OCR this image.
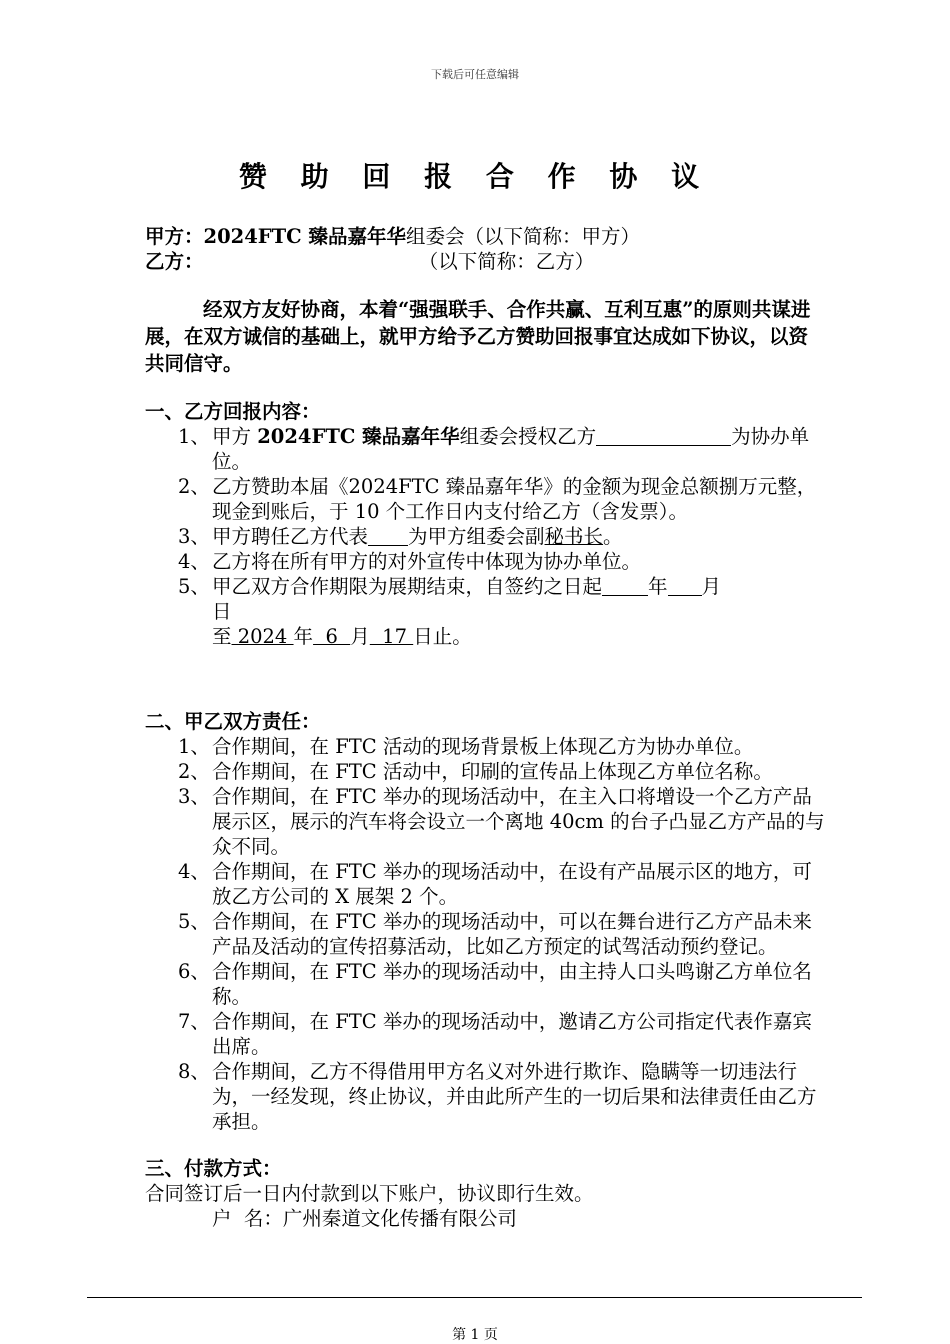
下载后可任意编辑
赞 助 回 报 合 作 协 议

甲方：2024FTC 臻品嘉年华组委会（以下简称：甲方）

乙方：	（以下简称：乙方）

经双方友好协商，本着“强强联手、合作共赢、互利互惠”的原则共谋进展，在双方诚信的基础上，就甲方给予乙方赞助回报事宜达成如下协议，以资共同信守。

一、乙方回报内容：
1、 甲方 2024FTC 臻品嘉年华组委会授权乙方	为协办单位。
2、 乙方赞助本届《2024FTC 臻品嘉年华》的金额为现金总额捌万元整，现金到账后，于 10 个工作日内支付给乙方（含发票）。
3、 甲方聘任乙方代表 为甲方组委会副秘书长。
4、 乙方将在所有甲方的对外宣传中体现为协办单位。
5、 甲乙双方合作期限为展期结束，自签约之日起 年 月
日
至 2024 年  6  月  17 日止。
二、甲乙双方责任：
1、 合作期间，在 FTC 活动的现场背景板上体现乙方为协办单位。
2、 合作期间，在 FTC 活动中，印刷的宣传品上体现乙方单位名称。
3、 合作期间，在 FTC 举办的现场活动中，在主入口将增设一个乙方产品展示区，展示的汽车将会设立一个离地 40cm 的台子凸显乙方产品的与众不同。
4、 合作期间，在 FTC 举办的现场活动中，在设有产品展示区的地方，可放乙方公司的 X 展架 2 个。
5、 合作期间，在 FTC 举办的现场活动中，可以在舞台进行乙方产品未来产品及活动的宣传招募活动，比如乙方预定的试驾活动预约登记。
6、 合作期间，在 FTC 举办的现场活动中，由主持人口头鸣谢乙方单位名称。
7、 合作期间，在 FTC 举办的现场活动中，邀请乙方公司指定代表作嘉宾出席。
8、 合作期间，乙方不得借用甲方名义对外进行欺诈、隐瞒等一切违法行为，一经发现，终止协议，并由此所产生的一切后果和法律责任由乙方承担。
三、付款方式：

合同签订后一日内付款到以下账户，协议即行生效。

户  名：广州秦道文化传播有限公司

第 1 页
